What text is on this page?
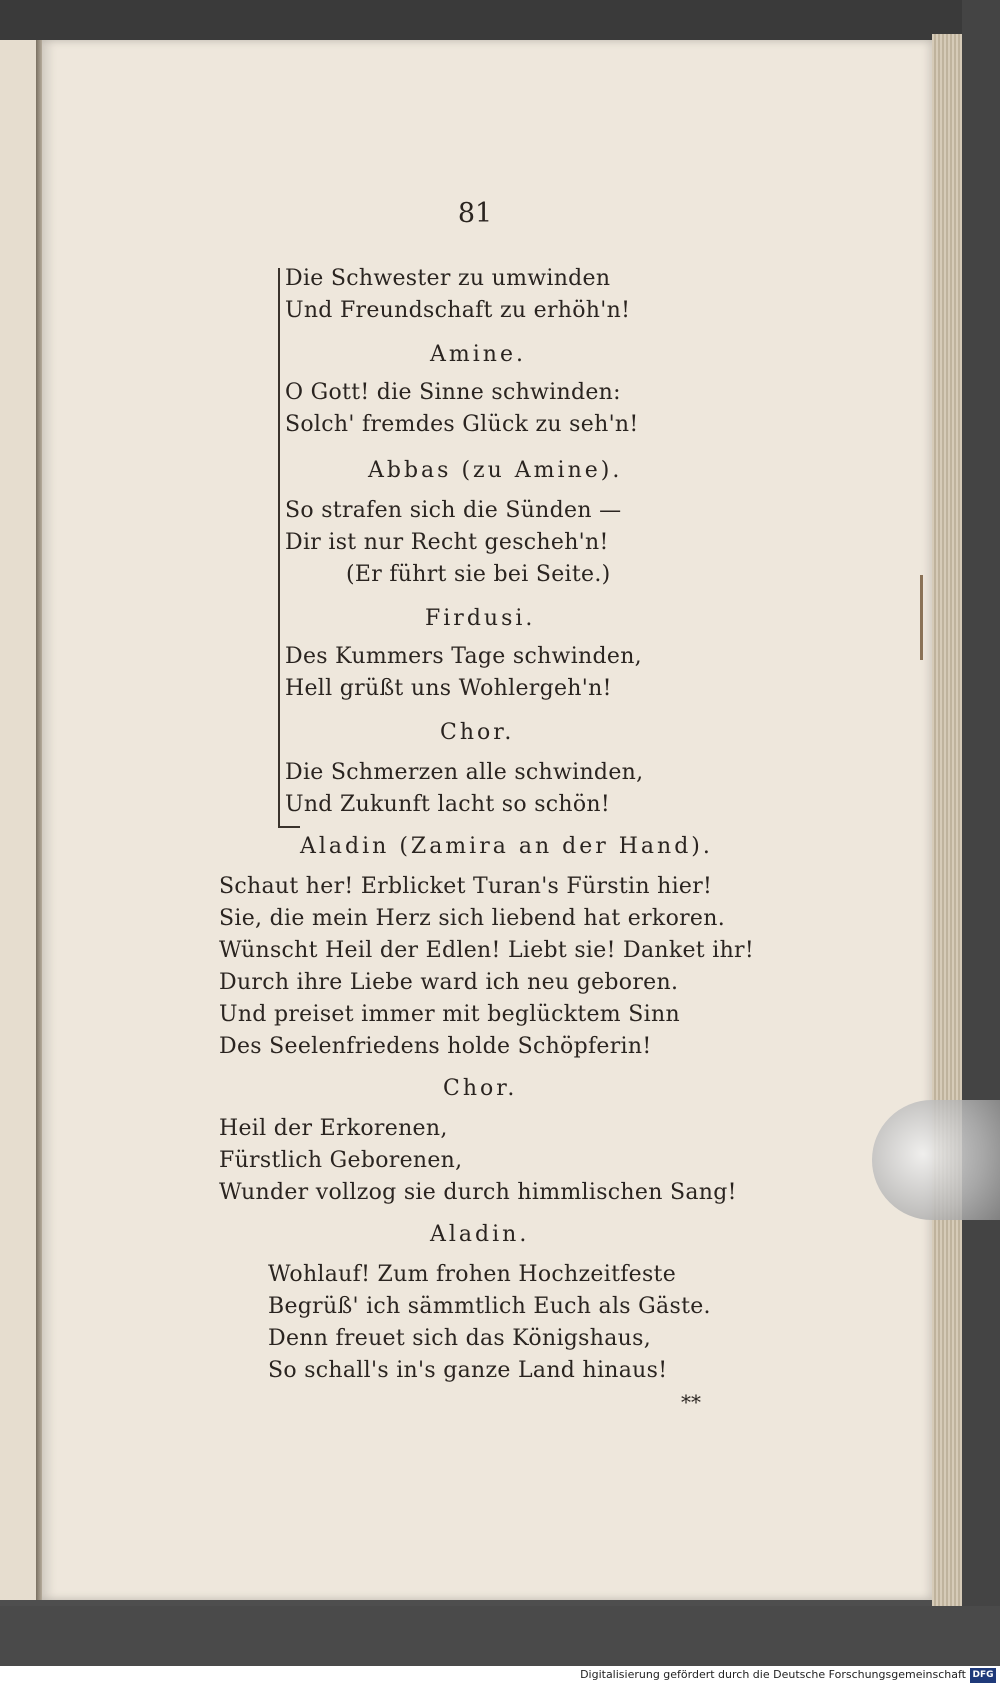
81
Die Schwester zu umwinden
Und Freundschaft zu erhöh'n!
Amine.
O Gott! die Sinne schwinden:
Solch' fremdes Glück zu seh'n!
Abbas (zu Amine).
So strafen sich die Sünden —
Dir ist nur Recht gescheh'n!
(Er führt sie bei Seite.)
Firdusi.
Des Kummers Tage schwinden,
Hell grüßt uns Wohlergeh'n!
Chor.
Die Schmerzen alle schwinden,
Und Zukunft lacht so schön!
Aladin (Zamira an der Hand).
Schaut her! Erblicket Turan's Fürstin hier!
Sie, die mein Herz sich liebend hat erkoren.
Wünscht Heil der Edlen! Liebt sie! Danket ihr!
Durch ihre Liebe ward ich neu geboren.
Und preiset immer mit beglücktem Sinn
Des Seelenfriedens holde Schöpferin!
Chor.
Heil der Erkorenen,
Fürstlich Geborenen,
Wunder vollzog sie durch himmlischen Sang!
Aladin.
Wohlauf! Zum frohen Hochzeitfeste
Begrüß' ich sämmtlich Euch als Gäste.
Denn freuet sich das Königshaus,
So schall's in's ganze Land hinaus!
**
Digitalisierung gefördert durch die Deutsche Forschungsgemeinschaft DFG
